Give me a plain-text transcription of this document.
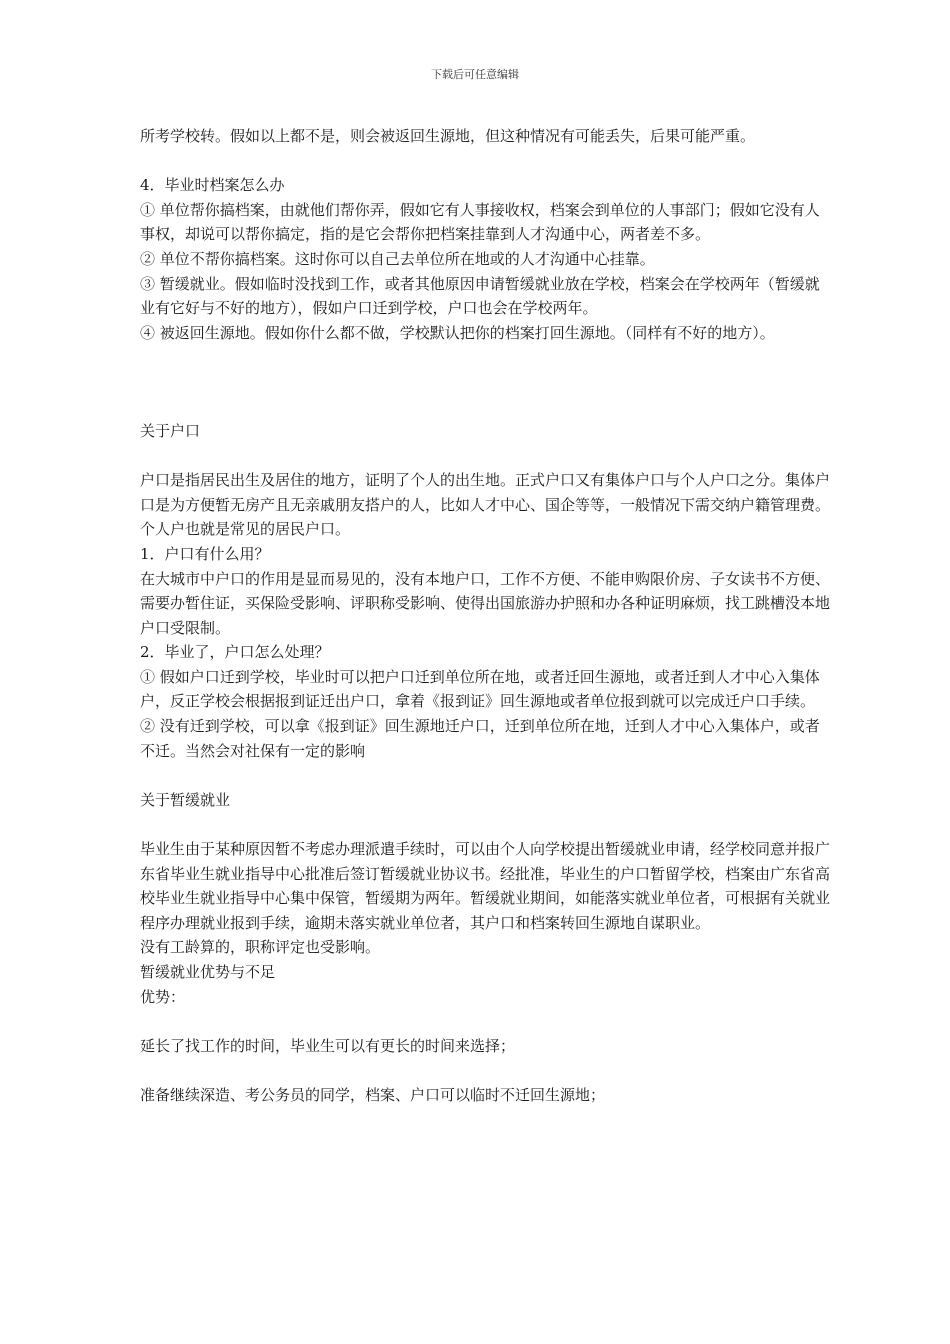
下载后可任意编辑

所考学校转。假如以上都不是，则会被返回生源地，但这种情况有可能丢失，后果可能严重。

4．毕业时档案怎么办

① 单位帮你搞档案，由就他们帮你弄，假如它有人事接收权，档案会到单位的人事部门；假如它没有人事权，却说可以帮你搞定，指的是它会帮你把档案挂靠到人才沟通中心，两者差不多。

② 单位不帮你搞档案。这时你可以自己去单位所在地或的人才沟通中心挂靠。

③ 暂缓就业。假如临时没找到工作，或者其他原因申请暂缓就业放在学校，档案会在学校两年（暂缓就业有它好与不好的地方），假如户口迁到学校，户口也会在学校两年。

④ 被返回生源地。假如你什么都不做，学校默认把你的档案打回生源地。（同样有不好的地方）。

关于户口

户口是指居民出生及居住的地方，证明了个人的出生地。正式户口又有集体户口与个人户口之分。集体户口是为方便暂无房产且无亲戚朋友搭户的人，比如人才中心、国企等等，一般情况下需交纳户籍管理费。个人户也就是常见的居民户口。

1．户口有什么用？

在大城市中户口的作用是显而易见的，没有本地户口，工作不方便、不能申购限价房、子女读书不方便、需要办暂住证，买保险受影响、评职称受影响、使得出国旅游办护照和办各种证明麻烦，找工跳槽没本地户口受限制。

2．毕业了，户口怎么处理？

① 假如户口迁到学校，毕业时可以把户口迁到单位所在地，或者迁回生源地，或者迁到人才中心入集体户，反正学校会根据报到证迁出户口，拿着《报到证》回生源地或者单位报到就可以完成迁户口手续。

② 没有迁到学校，可以拿《报到证》回生源地迁户口，迁到单位所在地，迁到人才中心入集体户，或者不迁。当然会对社保有一定的影响

关于暂缓就业

毕业生由于某种原因暂不考虑办理派遣手续时，可以由个人向学校提出暂缓就业申请，经学校同意并报广东省毕业生就业指导中心批准后签订暂缓就业协议书。经批准，毕业生的户口暂留学校，档案由广东省高校毕业生就业指导中心集中保管，暂缓期为两年。暂缓就业期间，如能落实就业单位者，可根据有关就业程序办理就业报到手续，逾期未落实就业单位者，其户口和档案转回生源地自谋职业。

没有工龄算的，职称评定也受影响。

暂缓就业优势与不足

优势：

延长了找工作的时间，毕业生可以有更长的时间来选择；

准备继续深造、考公务员的同学，档案、户口可以临时不迁回生源地；
